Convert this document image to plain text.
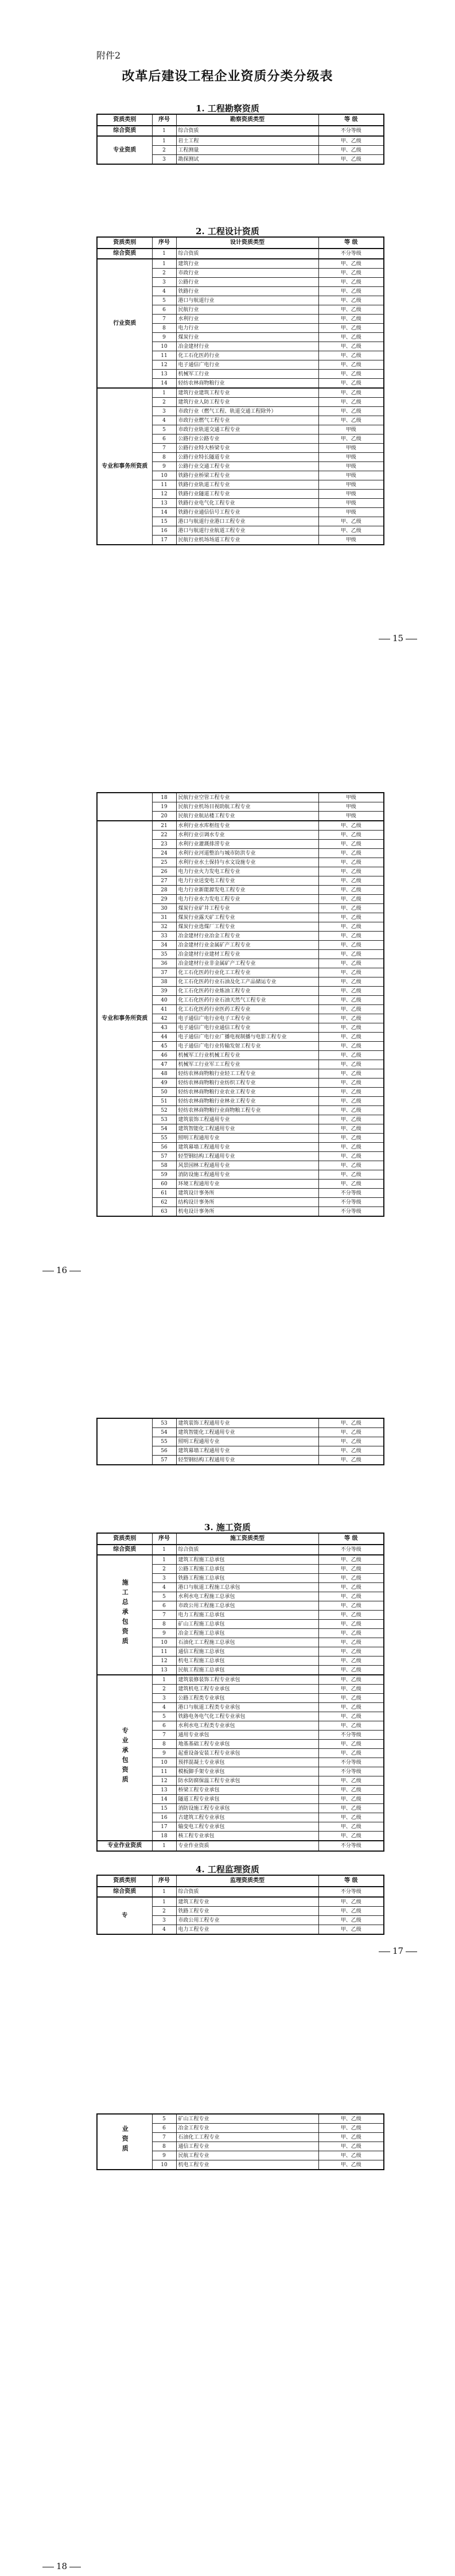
附件2
改革后建设工程企业资质分类分级表
1. 工程勘察资质
资质类别	序号	勘察资质类型	等 级
综合资质	1	综合资质	不分等级
专业资质	1	岩土工程	甲、乙级
	2	工程测量	甲、乙级
	3	勘探测试	甲、乙级
2. 工程设计资质
资质类别	序号	设计资质类型	等 级
综合资质	1	综合资质	不分等级
行业资质	1	建筑行业	甲、乙级
	2	市政行业	甲、乙级
	3	公路行业	甲、乙级
	4	铁路行业	甲、乙级
	5	港口与航道行业	甲、乙级
	6	民航行业	甲、乙级
	7	水利行业	甲、乙级
	8	电力行业	甲、乙级
	9	煤炭行业	甲、乙级
	10	冶金建材行业	甲、乙级
	11	化工石化医药行业	甲、乙级
	12	电子通信广电行业	甲、乙级
	13	机械军工行业	甲、乙级
	14	轻纺农林商物粮行业	甲、乙级
专业和事务所资质	1	建筑行业建筑工程专业	甲、乙级
	2	建筑行业人防工程专业	甲、乙级
	3	市政行业（燃气工程、轨道交通工程除外）	甲、乙级
	4	市政行业燃气工程专业	甲、乙级
	5	市政行业轨道交通工程专业	甲级
	6	公路行业公路专业	甲、乙级
	7	公路行业特大桥梁专业	甲级
	8	公路行业特长隧道专业	甲级
	9	公路行业交通工程专业	甲级
	10	铁路行业桥梁工程专业	甲级
	11	铁路行业轨道工程专业	甲级
	12	铁路行业隧道工程专业	甲级
	13	铁路行业电气化工程专业	甲级
	14	铁路行业通信信号工程专业	甲级
	15	港口与航道行业港口工程专业	甲、乙级
	16	港口与航道行业航道工程专业	甲、乙级
	17	民航行业机场场道工程专业	甲级
15
	18	民航行业空管工程专业	甲级
	19	民航行业机场目视助航工程专业	甲级
	20	民航行业航站楼工程专业	甲级
专业和事务所资质	21	水利行业水库枢纽专业	甲、乙级
	22	水利行业引调水专业	甲、乙级
	23	水利行业灌溉排涝专业	甲、乙级
	24	水利行业河道整治与城市防洪专业	甲、乙级
	25	水利行业水土保持与水文设施专业	甲、乙级
	26	电力行业火力发电工程专业	甲、乙级
	27	电力行业送变电工程专业	甲、乙级
	28	电力行业新能源发电工程专业	甲、乙级
	29	电力行业水力发电工程专业	甲、乙级
	30	煤炭行业矿井工程专业	甲、乙级
	31	煤炭行业露天矿工程专业	甲、乙级
	32	煤炭行业选煤厂工程专业	甲、乙级
	33	冶金建材行业冶金工程专业	甲、乙级
	34	冶金建材行业金属矿产工程专业	甲、乙级
	35	冶金建材行业建材工程专业	甲、乙级
	36	冶金建材行业非金属矿产工程专业	甲、乙级
	37	化工石化医药行业化工工程专业	甲、乙级
	38	化工石化医药行业石油及化工产品储运专业	甲、乙级
	39	化工石化医药行业炼油工程专业	甲、乙级
	40	化工石化医药行业石油天然气工程专业	甲、乙级
	41	化工石化医药行业医药工程专业	甲、乙级
	42	电子通信广电行业电子工程专业	甲、乙级
	43	电子通信广电行业通信工程专业	甲、乙级
	44	电子通信广电行业广播电视制播与电影工程专业	甲、乙级
	45	电子通信广电行业传输发射工程专业	甲、乙级
	46	机械军工行业机械工程专业	甲、乙级
	47	机械军工行业军工工程专业	甲、乙级
	48	轻纺农林商物粮行业轻工工程专业	甲、乙级
	49	轻纺农林商物粮行业纺织工程专业	甲、乙级
	50	轻纺农林商物粮行业农业工程专业	甲、乙级
	51	轻纺农林商物粮行业林业工程专业	甲、乙级
	52	轻纺农林商物粮行业商物粮工程专业	甲、乙级
	53	建筑装饰工程通用专业	甲、乙级
	54	建筑智能化工程通用专业	甲、乙级
	55	照明工程通用专业	甲、乙级
	56	建筑幕墙工程通用专业	甲、乙级
	57	轻型钢结构工程通用专业	甲、乙级
	58	风景园林工程通用专业	甲、乙级
	59	消防设施工程通用专业	甲、乙级
	60	环境工程通用专业	甲、乙级
	61	建筑设计事务所	不分等级
	62	结构设计事务所	不分等级
	63	机电设计事务所	不分等级
16
	53	建筑装饰工程通用专业	甲、乙级
	54	建筑智能化工程通用专业	甲、乙级
	55	照明工程通用专业	甲、乙级
	56	建筑幕墙工程通用专业	甲、乙级
	57	轻型钢结构工程通用专业	甲、乙级
3. 施工资质
资质类别	序号	施工资质类型	等 级
综合资质	1	综合资质	不分等级
施工总承包资质	1	建筑工程施工总承包	甲、乙级
	2	公路工程施工总承包	甲、乙级
	3	铁路工程施工总承包	甲、乙级
	4	港口与航道工程施工总承包	甲、乙级
	5	水利水电工程施工总承包	甲、乙级
	6	市政公用工程施工总承包	甲、乙级
	7	电力工程施工总承包	甲、乙级
	8	矿山工程施工总承包	甲、乙级
	9	冶金工程施工总承包	甲、乙级
	10	石油化工工程施工总承包	甲、乙级
	11	通信工程施工总承包	甲、乙级
	12	机电工程施工总承包	甲、乙级
	13	民航工程施工总承包	甲、乙级
专业承包资质	1	建筑装修装饰工程专业承包	甲、乙级
	2	建筑机电工程专业承包	甲、乙级
	3	公路工程类专业承包	甲、乙级
	4	港口与航道工程类专业承包	甲、乙级
	5	铁路电务电气化工程专业承包	甲、乙级
	6	水利水电工程类专业承包	甲、乙级
	7	通用专业承包	不分等级
	8	地基基础工程专业承包	甲、乙级
	9	起重设备安装工程专业承包	甲、乙级
	10	预拌混凝土专业承包	不分等级
	11	模板脚手架专业承包	不分等级
	12	防水防腐保温工程专业承包	甲、乙级
	13	桥梁工程专业承包	甲、乙级
	14	隧道工程专业承包	甲、乙级
	15	消防设施工程专业承包	甲、乙级
	16	古建筑工程专业承包	甲、乙级
	17	输变电工程专业承包	甲、乙级
	18	核工程专业承包	甲、乙级
专业作业资质	1	专业作业资质	不分等级
4. 工程监理资质
资质类别	序号	监理资质类型	等 级
综合资质	1	综合资质	不分等级
专	1	建筑工程专业	甲、乙级
	2	铁路工程专业	甲、乙级
	3	市政公用工程专业	甲、乙级
	4	电力工程专业	甲、乙级
17
业资质	5	矿山工程专业	甲、乙级
	6	冶金工程专业	甲、乙级
	7	石油化工工程专业	甲、乙级
	8	通信工程专业	甲、乙级
	9	民航工程专业	甲、乙级
	10	机电工程专业	甲、乙级
18
